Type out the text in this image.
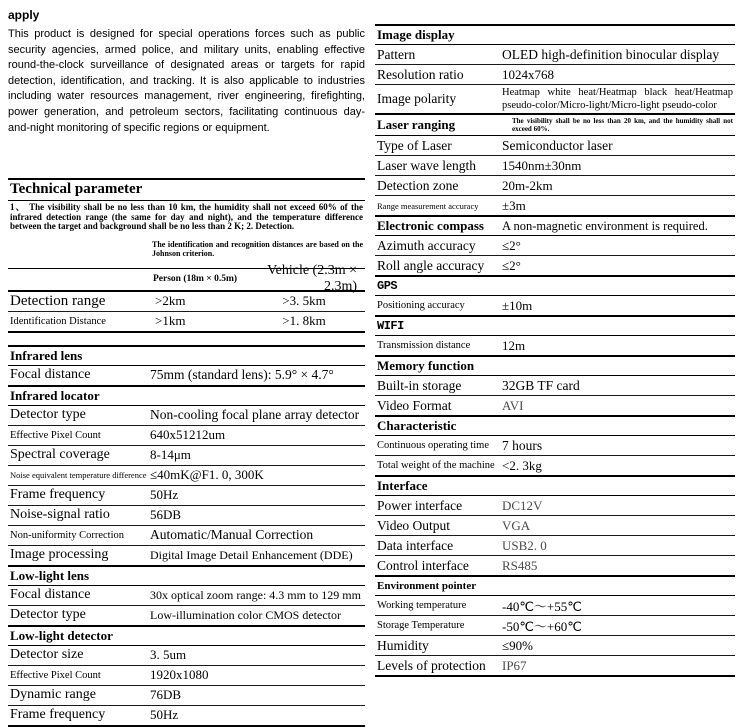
apply

This product is designed for special operations forces such as public security agencies, armed police, and military units, enabling effective round-the-clock surveillance of designated areas or targets for rapid detection, identification, and tracking. It is also applicable to industries including water resources management, river engineering, firefighting, power generation, and petroleum sectors, facilitating continuous day-and-night monitoring of specific regions or equipment.

Technical parameter

1、 The visibility shall be no less than 10 km, the humidity shall not exceed 60% of the infrared detection range (the same for day and night), and the temperature difference between the target and background shall be no less than 2 K; 2. Detection.

The identification and recognition distances are based on the Johnson criterion.

Person (18m × 0.5m)
Vehicle (2.3m × 2.3m)
Detection range	>2km	>3. 5km
Identification Distance	>1km	>1. 8km
Infrared lens
Focal distance	75mm (standard lens): 5.9° × 4.7°
Infrared locator
Detector type	Non-cooling focal plane array detector
Effective Pixel Count	640x51212um
Spectral coverage	8-14μm
Noise equivalent temperature difference ≤40mK@F1. 0, 300K
Frame frequency	50Hz
Noise-signal ratio	56DB
Non-uniformity Correction	Automatic/Manual Correction
Image processing	Digital Image Detail Enhancement (DDE)
Low-light lens
Focal distance	30x optical zoom range: 4.3 mm to 129 mm
Detector type	Low-illumination color CMOS detector
Low-light detector
Detector size	3. 5um
Effective Pixel Count	1920x1080
Dynamic range	76DB
Frame frequency	50Hz
Image display
Pattern	OLED high-definition binocular display
Resolution ratio	1024x768
Image polarity	Heatmap white heat/Heatmap black heat/Heatmap pseudo-color/Micro-light/Micro-light pseudo-color
Laser ranging	The visibility shall be no less than 20 km, and the humidity shall not exceed 60%.
Type of Laser	Semiconductor laser
Laser wave length	1540nm±30nm
Detection zone	20m-2km
Range measurement accuracy	±3m
Electronic compass	A non-magnetic environment is required.
Azimuth accuracy	≤2°
Roll angle accuracy	≤2°
GPS
Positioning accuracy	±10m
WIFI
Transmission distance	12m
Memory function
Built-in storage	32GB TF card
Video Format	AVI
Characteristic
Continuous operating time 7 hours
Total weight of the machine <2. 3kg
Interface
Power interface	DC12V
Video Output	VGA
Data interface	USB2. 0
Control interface	RS485
Environment pointer
Working temperature	-40℃～+55℃
Storage Temperature	-50℃～+60℃
Humidity	≤90%
Levels of protection	IP67
